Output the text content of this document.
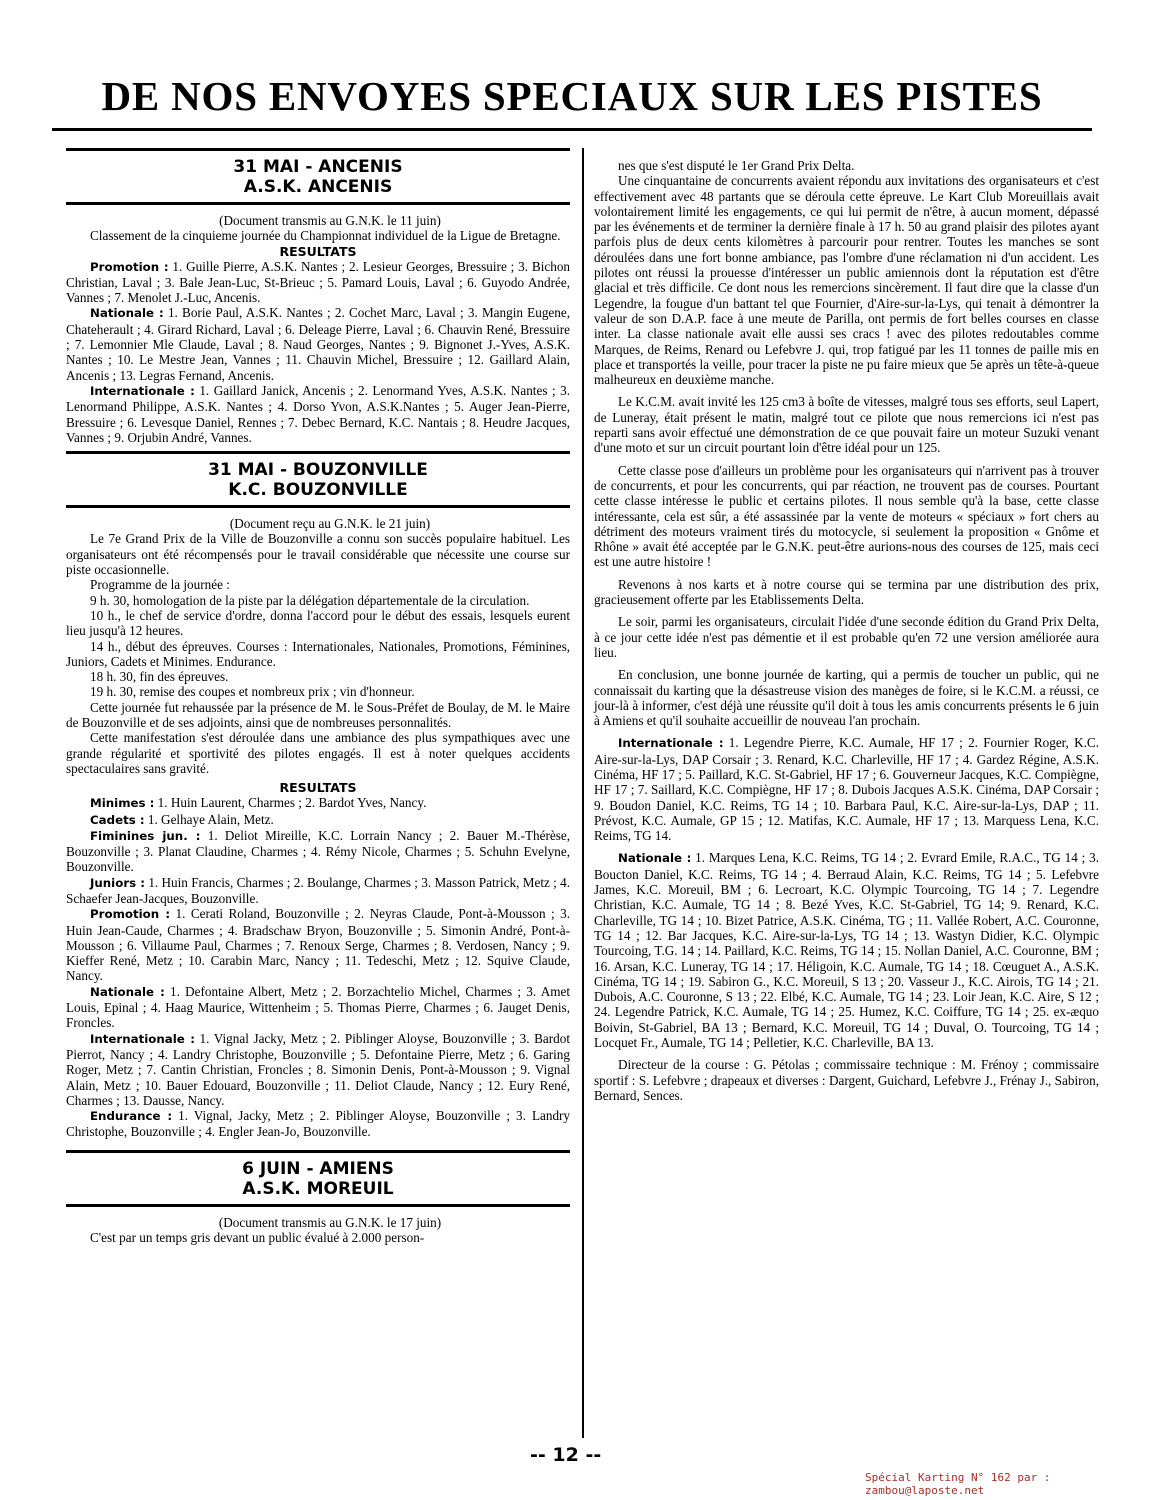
DE NOS ENVOYES SPECIAUX SUR LES PISTES
31 MAI - ANCENIS
A.S.K. ANCENIS

(Document transmis au G.N.K. le 11 juin)

Classement de la cinquieme journée du Championnat individuel de la Ligue de Bretagne.

RESULTATS

Promotion : 1. Guille Pierre, A.S.K. Nantes ; 2. Lesieur Georges, Bressuire ; 3. Bichon Christian, Laval ; 3. Bale Jean-Luc, St-Brieuc ; 5. Pamard Louis, Laval ; 6. Guyodo Andrée, Vannes ; 7. Menolet J.-Luc, Ancenis.

Nationale : 1. Borie Paul, A.S.K. Nantes ; 2. Cochet Marc, Laval ; 3. Mangin Eugene, Chateherault ; 4. Girard Richard, Laval ; 6. Deleage Pierre, Laval ; 6. Chauvin René, Bressuire ; 7. Lemonnier Mle Claude, Laval ; 8. Naud Georges, Nantes ; 9. Bignonet J.-Yves, A.S.K. Nantes ; 10. Le Mestre Jean, Vannes ; 11. Chauvin Michel, Bressuire ; 12. Gaillard Alain, Ancenis ; 13. Legras Fernand, Ancenis.

Internationale : 1. Gaillard Janick, Ancenis ; 2. Lenormand Yves, A.S.K. Nantes ; 3. Lenormand Philippe, A.S.K. Nantes ; 4. Dorso Yvon, A.S.K.Nantes ; 5. Auger Jean-Pierre, Bressuire ; 6. Levesque Daniel, Rennes ; 7. Debec Bernard, K.C. Nantais ; 8. Heudre Jacques, Vannes ; 9. Orjubin André, Vannes.

31 MAI - BOUZONVILLE
K.C. BOUZONVILLE

(Document reçu au G.N.K. le 21 juin)

Le 7e Grand Prix de la Ville de Bouzonville a connu son succès populaire habituel. Les organisateurs ont été récompensés pour le travail considérable que nécessite une course sur piste occasionnelle.

Programme de la journée :

9 h. 30, homologation de la piste par la délégation départementale de la circulation.

10 h., le chef de service d'ordre, donna l'accord pour le début des essais, lesquels eurent lieu jusqu'à 12 heures.

14 h., début des épreuves. Courses : Internationales, Nationales, Promotions, Féminines, Juniors, Cadets et Minimes. Endurance.

18 h. 30, fin des épreuves.

19 h. 30, remise des coupes et nombreux prix ; vin d'honneur.

Cette journée fut rehaussée par la présence de M. le Sous-Préfet de Boulay, de M. le Maire de Bouzonville et de ses adjoints, ainsi que de nombreuses personnalités.

Cette manifestation s'est déroulée dans une ambiance des plus sympathiques avec une grande régularité et sportivité des pilotes engagés. Il est à noter quelques accidents spectaculaires sans gravité.

RESULTATS

Minimes : 1. Huin Laurent, Charmes ; 2. Bardot Yves, Nancy.

Cadets : 1. Gelhaye Alain, Metz.

Fiminines jun. : 1. Deliot Mireille, K.C. Lorrain Nancy ; 2. Bauer M.-Thérèse, Bouzonville ; 3. Planat Claudine, Charmes ; 4. Rémy Nicole, Charmes ; 5. Schuhn Evelyne, Bouzonville.

Juniors : 1. Huin Francis, Charmes ; 2. Boulange, Charmes ; 3. Masson Patrick, Metz ; 4. Schaefer Jean-Jacques, Bouzonville.

Promotion : 1. Cerati Roland, Bouzonville ; 2. Neyras Claude, Pont-à-Mousson ; 3. Huin Jean-Caude, Charmes ; 4. Bradschaw Bryon, Bouzonville ; 5. Simonin André, Pont-à-Mousson ; 6. Villaume Paul, Charmes ; 7. Renoux Serge, Charmes ; 8. Verdosen, Nancy ; 9. Kieffer René, Metz ; 10. Carabin Marc, Nancy ; 11. Tedeschi, Metz ; 12. Squive Claude, Nancy.

Nationale : 1. Defontaine Albert, Metz ; 2. Borzachtelio Michel, Charmes ; 3. Amet Louis, Epinal ; 4. Haag Maurice, Wittenheim ; 5. Thomas Pierre, Charmes ; 6. Jauget Denis, Froncles.

Internationale : 1. Vignal Jacky, Metz ; 2. Piblinger Aloyse, Bouzonville ; 3. Bardot Pierrot, Nancy ; 4. Landry Christophe, Bouzonville ; 5. Defontaine Pierre, Metz ; 6. Garing Roger, Metz ; 7. Cantin Christian, Froncles ; 8. Simonin Denis, Pont-à-Mousson ; 9. Vignal Alain, Metz ; 10. Bauer Edouard, Bouzonville ; 11. Deliot Claude, Nancy ; 12. Eury René, Charmes ; 13. Dausse, Nancy.

Endurance : 1. Vignal, Jacky, Metz ; 2. Piblinger Aloyse, Bouzonville ; 3. Landry Christophe, Bouzonville ; 4. Engler Jean-Jo, Bouzonville.

6 JUIN - AMIENS
A.S.K. MOREUIL

(Document transmis au G.N.K. le 17 juin)

C'est par un temps gris devant un public évalué à 2.000 person-

nes que s'est disputé le 1er Grand Prix Delta.

Une cinquantaine de concurrents avaient répondu aux invitations des organisateurs et c'est effectivement avec 48 partants que se déroula cette épreuve. Le Kart Club Moreuillais avait volontairement limité les engagements, ce qui lui permit de n'être, à aucun moment, dépassé par les événements et de terminer la dernière finale à 17 h. 50 au grand plaisir des pilotes ayant parfois plus de deux cents kilomètres à parcourir pour rentrer. Toutes les manches se sont déroulées dans une fort bonne ambiance, pas l'ombre d'une réclamation ni d'un accident. Les pilotes ont réussi la prouesse d'intéresser un public amiennois dont la réputation est d'être glacial et très difficile. Ce dont nous les remercions sincèrement. Il faut dire que la classe d'un Legendre, la fougue d'un battant tel que Fournier, d'Aire-sur-la-Lys, qui tenait à démontrer la valeur de son D.A.P. face à une meute de Parilla, ont permis de fort belles courses en classe inter. La classe nationale avait elle aussi ses cracs ! avec des pilotes redoutables comme Marques, de Reims, Renard ou Lefebvre J. qui, trop fatigué par les 11 tonnes de paille mis en place et transportés la veille, pour tracer la piste ne pu faire mieux que 5e après un tête-à-queue malheureux en deuxième manche.

Le K.C.M. avait invité les 125 cm3 à boîte de vitesses, malgré tous ses efforts, seul Lapert, de Luneray, était présent le matin, malgré tout ce pilote que nous remercions ici n'est pas reparti sans avoir effectué une démonstration de ce que pouvait faire un moteur Suzuki venant d'une moto et sur un circuit pourtant loin d'être idéal pour un 125.

Cette classe pose d'ailleurs un problème pour les organisateurs qui n'arrivent pas à trouver de concurrents, et pour les concurrents, qui par réaction, ne trouvent pas de courses. Pourtant cette classe intéresse le public et certains pilotes. Il nous semble qu'à la base, cette classe intéressante, cela est sûr, a été assassinée par la vente de moteurs « spéciaux » fort chers au détriment des moteurs vraiment tirés du motocycle, si seulement la proposition « Gnôme et Rhône » avait été acceptée par le G.N.K. peut-être aurions-nous des courses de 125, mais ceci est une autre histoire !

Revenons à nos karts et à notre course qui se termina par une distribution des prix, gracieusement offerte par les Etablissements Delta.

Le soir, parmi les organisateurs, circulait l'idée d'une seconde édition du Grand Prix Delta, à ce jour cette idée n'est pas démentie et il est probable qu'en 72 une version améliorée aura lieu.

En conclusion, une bonne journée de karting, qui a permis de toucher un public, qui ne connaissait du karting que la désastreuse vision des manèges de foire, si le K.C.M. a réussi, ce jour-là à informer, c'est déjà une réussite qu'il doit à tous les amis concurrents présents le 6 juin à Amiens et qu'il souhaite accueillir de nouveau l'an prochain.

Internationale : 1. Legendre Pierre, K.C. Aumale, HF 17 ; 2. Fournier Roger, K.C. Aire-sur-la-Lys, DAP Corsair ; 3. Renard, K.C. Charleville, HF 17 ; 4. Gardez Régine, A.S.K. Cinéma, HF 17 ; 5. Paillard, K.C. St-Gabriel, HF 17 ; 6. Gouverneur Jacques, K.C. Compiègne, HF 17 ; 7. Saillard, K.C. Compiègne, HF 17 ; 8. Dubois Jacques A.S.K. Cinéma, DAP Corsair ; 9. Boudon Daniel, K.C. Reims, TG 14 ; 10. Barbara Paul, K.C. Aire-sur-la-Lys, DAP ; 11. Prévost, K.C. Aumale, GP 15 ; 12. Matifas, K.C. Aumale, HF 17 ; 13. Marquess Lena, K.C. Reims, TG 14.

Nationale : 1. Marques Lena, K.C. Reims, TG 14 ; 2. Evrard Emile, R.A.C., TG 14 ; 3. Boucton Daniel, K.C. Reims, TG 14 ; 4. Berraud Alain, K.C. Reims, TG 14 ; 5. Lefebvre James, K.C. Moreuil, BM ; 6. Lecroart, K.C. Olympic Tourcoing, TG 14 ; 7. Legendre Christian, K.C. Aumale, TG 14 ; 8. Bezé Yves, K.C. St-Gabriel, TG 14; 9. Renard, K.C. Charleville, TG 14 ; 10. Bizet Patrice, A.S.K. Cinéma, TG ; 11. Vallée Robert, A.C. Couronne, TG 14 ; 12. Bar Jacques, K.C. Aire-sur-la-Lys, TG 14 ; 13. Wastyn Didier, K.C. Olympic Tourcoing, T.G. 14 ; 14. Paillard, K.C. Reims, TG 14 ; 15. Nollan Daniel, A.C. Couronne, BM ; 16. Arsan, K.C. Luneray, TG 14 ; 17. Héligoin, K.C. Aumale, TG 14 ; 18. Cœuguet A., A.S.K. Cinéma, TG 14 ; 19. Sabiron G., K.C. Moreuil, S 13 ; 20. Vasseur J., K.C. Airois, TG 14 ; 21. Dubois, A.C. Couronne, S 13 ; 22. Elbé, K.C. Aumale, TG 14 ; 23. Loir Jean, K.C. Aire, S 12 ; 24. Legendre Patrick, K.C. Aumale, TG 14 ; 25. Humez, K.C. Coiffure, TG 14 ; 25. ex-æquo Boivin, St-Gabriel, BA 13 ; Bernard, K.C. Moreuil, TG 14 ; Duval, O. Tourcoing, TG 14 ; Locquet Fr., Aumale, TG 14 ; Pelletier, K.C. Charleville, BA 13.

Directeur de la course : G. Pétolas ; commissaire technique : M. Frénoy ; commissaire sportif : S. Lefebvre ; drapeaux et diverses : Dargent, Guichard, Lefebvre J., Frénay J., Sabiron, Bernard, Sences.

-- 12 --
Spécial Karting N° 162 par : zambou@laposte.net
